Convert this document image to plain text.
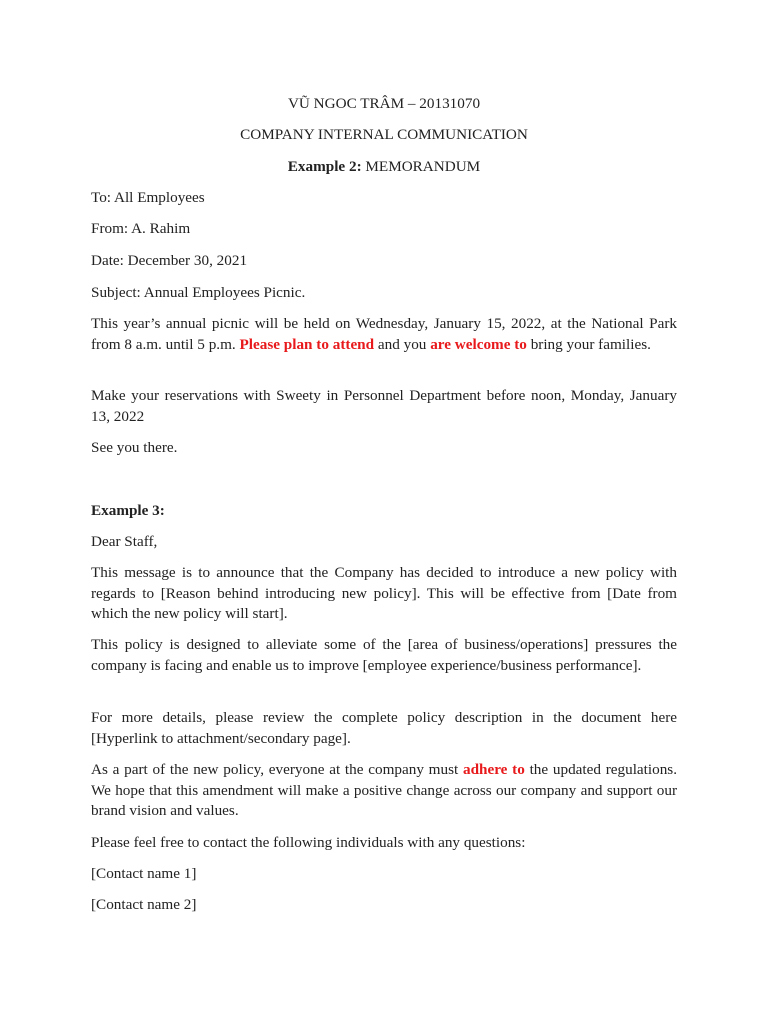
VŨ NGOC TRÂM – 20131070
COMPANY INTERNAL COMMUNICATION
Example 2: MEMORANDUM
To: All Employees
From: A. Rahim
Date: December 30, 2021
Subject: Annual Employees Picnic.
This year’s annual picnic will be held on Wednesday, January 15, 2022, at the National Park from 8 a.m. until 5 p.m. Please plan to attend and you are welcome to bring your families.
Make your reservations with Sweety in Personnel Department before noon, Monday, January 13, 2022
See you there.
Example 3:
Dear Staff,
This message is to announce that the Company has decided to introduce a new policy with regards to [Reason behind introducing new policy]. This will be effective from [Date from which the new policy will start].
This policy is designed to alleviate some of the [area of business/operations] pressures the company is facing and enable us to improve [employee experience/business performance].
For more details, please review the complete policy description in the document here [Hyperlink to attachment/secondary page].
As a part of the new policy, everyone at the company must adhere to the updated regulations. We hope that this amendment will make a positive change across our company and support our brand vision and values.
Please feel free to contact the following individuals with any questions:
[Contact name 1]
[Contact name 2]
